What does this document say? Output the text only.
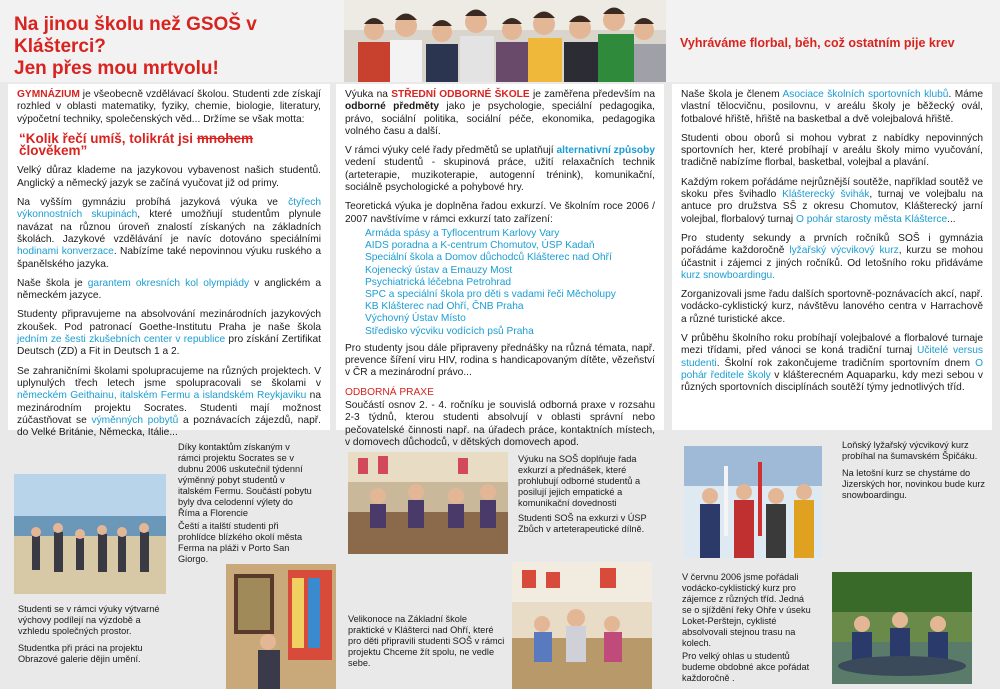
Na jinou školu než GSOŠ v Klášterci?
Jen přes mou mrtvolu!
Vyhráváme florbal, běh, což ostatním pije krev

GYMNÁZIUM je všeobecně vzdělávací školou. Studenti zde získají rozhled v oblasti matematiky, fyziky, chemie, biologie, literatury, výpočetní techniky, společenských věd... Držíme se však motta:

“Kolik řečí umíš, tolikrát jsi mnohem člověkem”

Velký důraz klademe na jazykovou vybavenost našich studentů. Anglický a německý jazyk se začíná vyučovat již od primy.

Na vyšším gymnáziu probíhá jazyková výuka ve čtyřech výkonnostních skupinách, které umožňují studentům plynule navázat na různou úroveň znalostí získaných na základních školách. Jazykové vzdělávání je navíc dotováno speciálními hodinami konverzace. Nabízíme také nepovinnou výuku ruského a španělského jazyka.

Naše škola je garantem okresních kol olympiády v anglickém a německém jazyce.

Studenty připravujeme na absolvování mezinárodních jazykových zkoušek. Pod patronací Goethe-Institutu Praha je naše škola jedním ze šesti zkušebních center v republice pro získání Zertifikat Deutsch (ZD) a Fit in Deutsch 1 a 2.

Se zahraničními školami spolupracujeme na různých projektech. V uplynulých třech letech jsme spolupracovali se školami v německém Geithainu, italském Fermu a islandském Reykjaviku na mezinárodním projektu Socrates. Studenti mají možnost zúčastňovat se výměnných pobytů a poznávacích zájezdů, např. do Velké Británie, Německa, Itálie...

Výuka na STŘEDNÍ ODBORNÉ ŠKOLE je zaměřena především na odborné předměty jako je psychologie, speciální pedagogika, právo, sociální politika, sociální péče, ekonomika, pedagogika volného času a další.

V rámci výuky celé řady předmětů se uplatňují alternativní způsoby vedení studentů - skupinová práce, užití relaxačních technik (arteterapie, muzikoterapie, autogenní trénink), komunikační, sociálně psychologické a pohybové hry.

Teoretická výuka je doplněna řadou exkurzí. Ve školním roce 2006 / 2007 navštívíme v rámci exkurzí tato zařízení:

Armáda spásy a Tyflocentrum Karlovy Vary
AIDS poradna a K-centrum Chomutov, ÚSP Kadaň
Speciální škola a Domov důchodců Klášterec nad Ohří
Kojenecký ústav a Emauzy Most
Psychiatrická léčebna Petrohrad
SPC a speciální škola pro děti s vadami řeči Měcholupy
KB Klášterec nad Ohří, ČNB Praha
Výchovný Ústav Místo
Středisko výcviku vodících psů Praha

Pro studenty jsou dále připraveny přednášky na různá témata, např. prevence šíření viru HIV, rodina s handicapovaným dítěte, vězeňství v ČR a mezinárodní právo...

ODBORNÁ PRAXE

Součástí osnov 2. - 4. ročníku je souvislá odborná praxe v rozsahu 2-3 týdnů, kterou studenti absolvují v oblasti správní nebo pečovatelské činnosti např. na úřadech práce, kontaktních místech, v domovech důchodců, v dětských domovech apod.

Naše škola je členem Asociace školních sportovních klubů. Máme vlastní tělocvičnu, posilovnu, v areálu školy je běžecký ovál, fotbalové hřiště, hřiště na basketbal a dvě volejbalová hřiště.

Studenti obou oborů si mohou vybrat z nabídky nepovinných sportovních her, které probíhají v areálu školy mimo vyučování, tradičně nabízíme florbal, basketbal, volejbal a plavání.

Každým rokem pořádáme nejrůznější soutěže, například soutěž ve skoku přes švihadlo Klášterecký švihák, turnaj ve volejbalu na antuce pro družstva SŠ z okresu Chomutov, Klášterecký jarní volejbal, florbalový turnaj O pohár starosty města Klášterce...

Pro studenty sekundy a prvních ročníků SOŠ i gymnázia pořádáme každoročně lyžařský výcvikový kurz, kurzu se mohou účastnit i zájemci z jiných ročníků. Od letošního roku přidáváme kurz snowboardingu.

Zorganizovali jsme řadu dalších sportovně-poznávacích akcí, např. vodácko-cyklistický kurz, návštěvu lanového centra v Harrachově a různé turistické akce.

V průběhu školního roku probíhají volejbalové a florbalové turnaje mezi třídami, před vánoci se koná tradiční turnaj Učitelé versus studenti. Školní rok zakončujeme tradičním sportovním dnem O pohár ředitele školy v klášterecném Aquaparku, kdy mezi sebou v různých sportovních disciplínách soutěží týmy jednotlivých tříd.

Díky kontaktům získaným v rámci projektu Socrates se v dubnu 2006 uskutečnil týdenní výměnný pobyt studentů v italském Fermu. Součástí pobytu byly dva celodenní výlety do Říma a Florencie
Čeští a italští studenti při prohlídce blízkého okolí města Ferma na pláži v Porto San Giorgo.
Výuku na SOŠ doplňuje řada exkurzí a přednášek, které prohlubují odborné studentů a posilují jejich empatické a komunikační dovednosti
Studenti SOŠ na exkurzi v ÚSP Zbůch v arteterapeutické dílně.
Loňský lyžařský výcvikový kurz probíhal na šumavském Špičáku.
Na letošní kurz se chystáme do Jizerských hor, novinkou bude kurz snowboardingu.
Studenti se v rámci výuky výtvarné výchovy podílejí na výzdobě a vzhledu společných prostor.
Studentka při práci na projektu Obrazové galerie dějin umění.
Velikonoce na Základní škole praktické v Klášterci nad Ohří, které pro děti připravili studenti SOŠ v rámci projektu Chceme žít spolu, ne vedle sebe.
V červnu 2006 jsme pořádali vodácko-cyklistický kurz pro zájemce z různých tříd. Jedná se o sjíždění řeky Ohře v úseku Loket-Perštejn, cyklisté absolvovali stejnou trasu na kolech.
Pro velký ohlas u studentů budeme obdobné akce pořádat každoročně .
